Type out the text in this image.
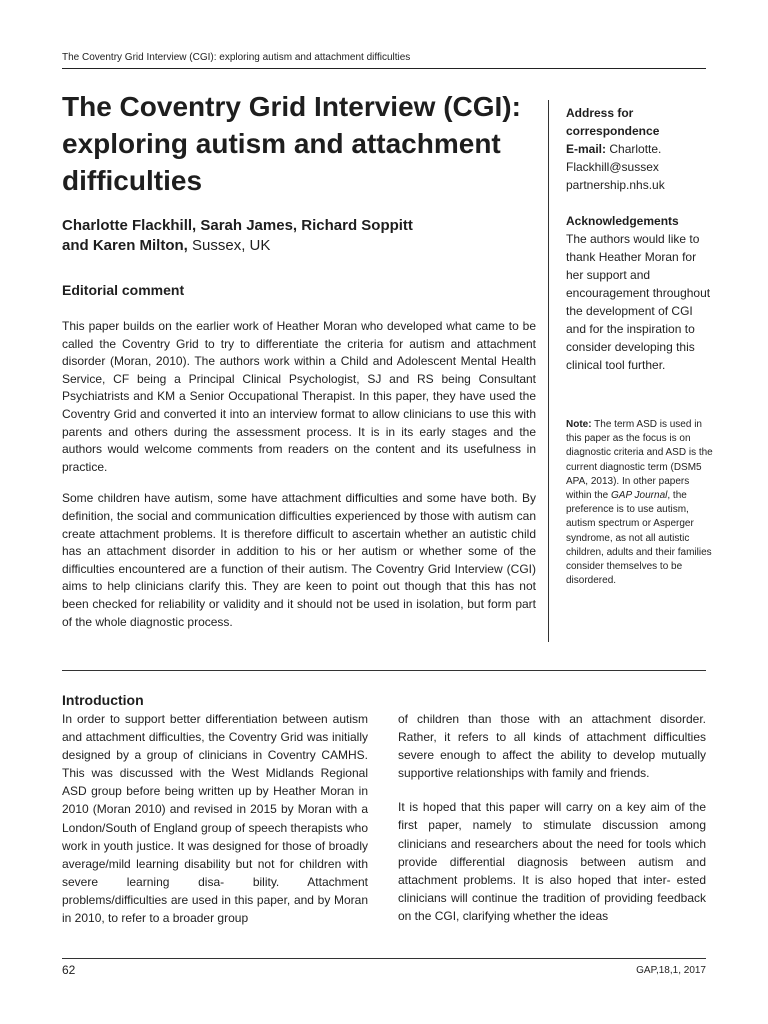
The Coventry Grid Interview (CGI): exploring autism and attachment difficulties
The Coventry Grid Interview (CGI): exploring autism and attachment difficulties
Charlotte Flackhill, Sarah James, Richard Soppitt
and Karen Milton, Sussex, UK
Editorial comment

This paper builds on the earlier work of Heather Moran who developed what came to be called the Coventry Grid to try to differentiate the criteria for autism and attachment disorder (Moran, 2010). The authors work within a Child and Adolescent Mental Health Service, CF being a Principal Clinical Psychologist, SJ and RS being Consultant Psychiatrists and KM a Senior Occupational Therapist. In this paper, they have used the Coventry Grid and converted it into an interview format to allow clinicians to use this with parents and others during the assessment process. It is in its early stages and the authors would welcome comments from readers on the content and its usefulness in practice.

Some children have autism, some have attachment difficulties and some have both. By definition, the social and communication difficulties experienced by those with autism can create attachment problems. It is therefore difficult to ascertain whether an autistic child has an attachment disorder in addition to his or her autism or whether some of the difficulties encountered are a function of their autism. The Coventry Grid Interview (CGI) aims to help clinicians clarify this. They are keen to point out though that this has not been checked for reliability or validity and it should not be used in isolation, but form part of the whole diagnostic process.

Address for correspondence
E-mail: Charlotte. Flackhill@sussex partnership.nhs.uk
Acknowledgements
The authors would like to thank Heather Moran for her support and encouragement throughout the development of CGI and for the inspiration to consider developing this clinical tool further.
Note: The term ASD is used in this paper as the focus is on diagnostic criteria and ASD is the current diagnostic term (DSM5 APA, 2013). In other papers within the GAP Journal, the preference is to use autism, autism spectrum or Asperger syndrome, as not all autistic children, adults and their families consider themselves to be disordered.
Introduction

In order to support better differentiation between autism and attachment difficulties, the Coventry Grid was initially designed by a group of clinicians in Coventry CAMHS. This was discussed with the West Midlands Regional ASD group before being written up by Heather Moran in 2010 (Moran 2010) and revised in 2015 by Moran with a London/South of England group of speech therapists who work in youth justice. It was designed for those of broadly average/mild learning disability but not for children with severe learning disa- bility. Attachment problems/difficulties are used in this paper, and by Moran in 2010, to refer to a broader group

of children than those with an attachment disorder. Rather, it refers to all kinds of attachment difficulties severe enough to affect the ability to develop mutually supportive relationships with family and friends.

It is hoped that this paper will carry on a key aim of the first paper, namely to stimulate discussion among clinicians and researchers about the need for tools which provide differential diagnosis between autism and attachment problems. It is also hoped that inter- ested clinicians will continue the tradition of providing feedback on the CGI, clarifying whether the ideas

62	GAP,18,1, 2017
